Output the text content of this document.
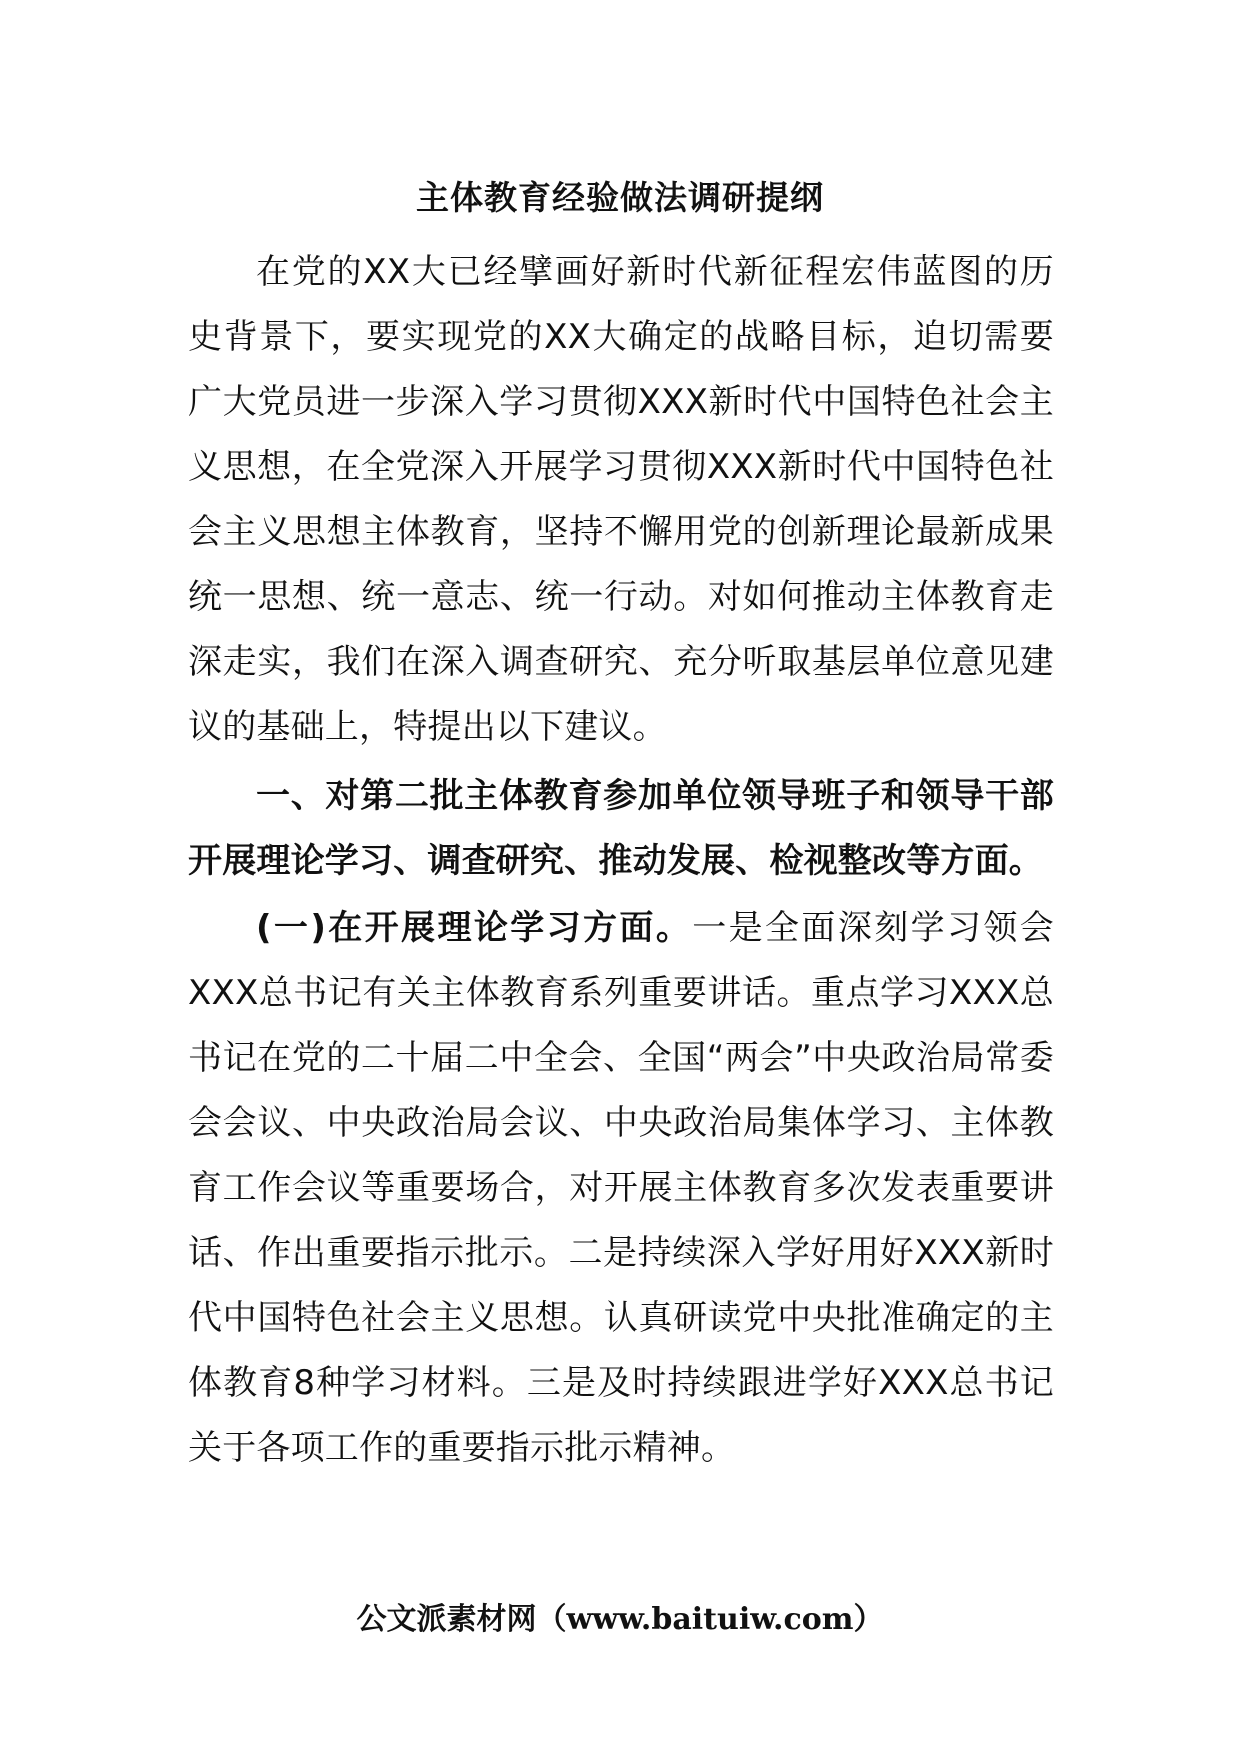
主体教育经验做法调研提纲

在党的XX大已经擘画好新时代新征程宏伟蓝图的历史背景下，要实现党的XX大确定的战略目标，迫切需要广大党员进一步深入学习贯彻XXX新时代中国特色社会主义思想，在全党深入开展学习贯彻XXX新时代中国特色社会主义思想主体教育，坚持不懈用党的创新理论最新成果统一思想、统一意志、统一行动。对如何推动主体教育走深走实，我们在深入调查研究、充分听取基层单位意见建议的基础上，特提出以下建议。

一、对第二批主体教育参加单位领导班子和领导干部开展理论学习、调查研究、推动发展、检视整改等方面。

(一)在开展理论学习方面。一是全面深刻学习领会XXX总书记有关主体教育系列重要讲话。重点学习XXX总书记在党的二十届二中全会、全国“两会”中央政治局常委会会议、中央政治局会议、中央政治局集体学习、主体教育工作会议等重要场合，对开展主体教育多次发表重要讲话、作出重要指示批示。二是持续深入学好用好XXX新时代中国特色社会主义思想。认真研读党中央批准确定的主体教育8种学习材料。三是及时持续跟进学好XXX总书记关于各项工作的重要指示批示精神。

公文派素材网（www.baituiw.com）
